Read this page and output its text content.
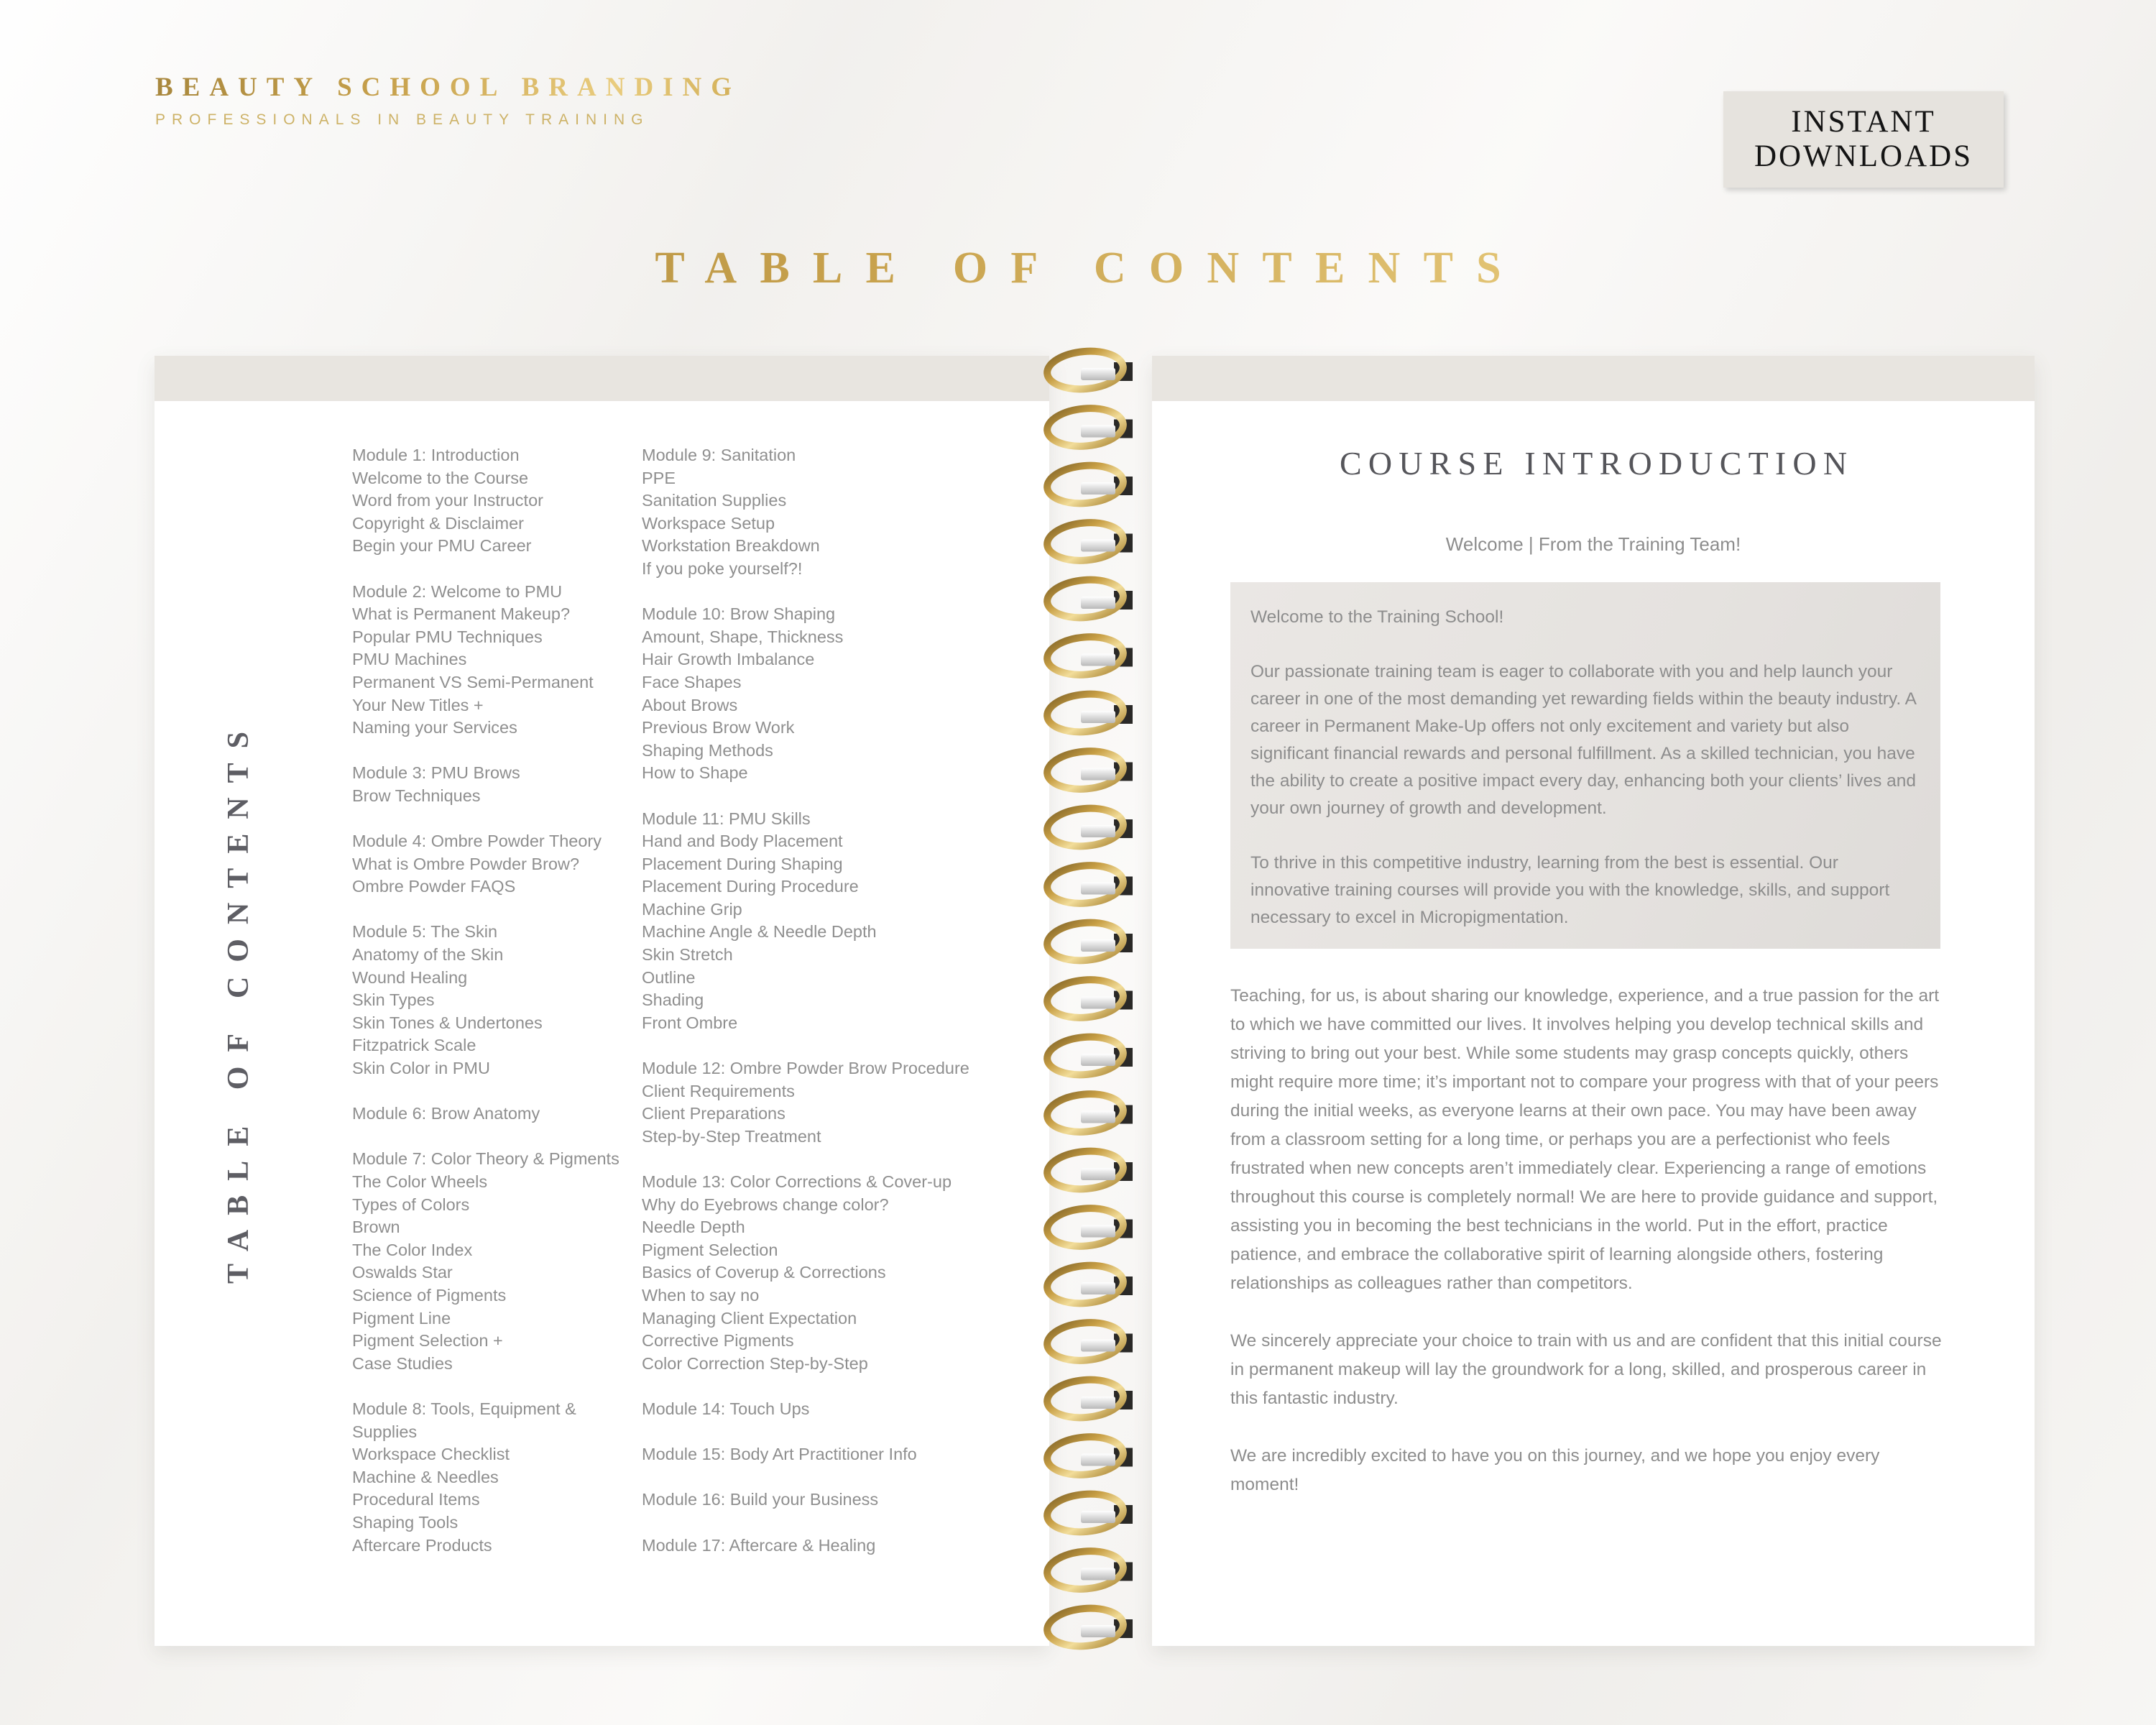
BEAUTY SCHOOL BRANDING
PROFESSIONALS IN BEAUTY TRAINING	INSTANT
DOWNLOADS
TABLE OF CONTENTS
TABLE OF CONTENTS
Module 1: Introduction
Welcome to the Course
Word from your Instructor
Copyright & Disclaimer
Begin your PMU Career
Module 2: Welcome to PMU
What is Permanent Makeup?
Popular PMU Techniques
PMU Machines
Permanent VS Semi-Permanent
Your New Titles +
Naming your Services
Module 3: PMU Brows
Brow Techniques
Module 4: Ombre Powder Theory
What is Ombre Powder Brow?
Ombre Powder FAQS
Module 5: The Skin
Anatomy of the Skin
Wound Healing
Skin Types
Skin Tones & Undertones
Fitzpatrick Scale
Skin Color in PMU
Module 6: Brow Anatomy
Module 7: Color Theory & Pigments
The Color Wheels
Types of Colors
Brown
The Color Index
Oswalds Star
Science of Pigments
Pigment Line
Pigment Selection +
Case Studies
Module 8: Tools, Equipment &
Supplies
Workspace Checklist
Machine & Needles
Procedural Items
Shaping Tools
Aftercare Products
Module 9: Sanitation
PPE
Sanitation Supplies
Workspace Setup
Workstation Breakdown
If you poke yourself?!
Module 10: Brow Shaping
Amount, Shape, Thickness
Hair Growth Imbalance
Face Shapes
About Brows
Previous Brow Work
Shaping Methods
How to Shape
Module 11: PMU Skills
Hand and Body Placement
Placement During Shaping
Placement During Procedure
Machine Grip
Machine Angle & Needle Depth
Skin Stretch
Outline
Shading
Front Ombre
Module 12: Ombre Powder Brow Procedure
Client Requirements
Client Preparations
Step-by-Step Treatment
Module 13: Color Corrections & Cover-up
Why do Eyebrows change color?
Needle Depth
Pigment Selection
Basics of Coverup & Corrections
When to say no
Managing Client Expectation
Corrective Pigments
Color Correction Step-by-Step
Module 14: Touch Ups
Module 15: Body Art Practitioner Info
Module 16: Build your Business
Module 17: Aftercare & Healing
COURSE INTRODUCTION
Welcome | From the Training Team!

Welcome to the Training School!

Our passionate training team is eager to collaborate with you and help launch your career in one of the most demanding yet rewarding fields within the beauty industry. A career in Permanent Make-Up offers not only excitement and variety but also significant financial rewards and personal fulfillment. As a skilled technician, you have the ability to create a positive impact every day, enhancing both your clients’ lives and your own journey of growth and development.

To thrive in this competitive industry, learning from the best is essential. Our innovative training courses will provide you with the knowledge, skills, and support necessary to excel in Micropigmentation.

Teaching, for us, is about sharing our knowledge, experience, and a true passion for the art to which we have committed our lives. It involves helping you develop technical skills and striving to bring out your best. While some students may grasp concepts quickly, others might require more time; it’s important not to compare your progress with that of your peers during the initial weeks, as everyone learns at their own pace. You may have been away from a classroom setting for a long time, or perhaps you are a perfectionist who feels frustrated when new concepts aren’t immediately clear. Experiencing a range of emotions throughout this course is completely normal! We are here to provide guidance and support, assisting you in becoming the best technicians in the world. Put in the effort, practice patience, and embrace the collaborative spirit of learning alongside others, fostering relationships as colleagues rather than competitors.

We sincerely appreciate your choice to train with us and are confident that this initial course in permanent makeup will lay the groundwork for a long, skilled, and prosperous career in this fantastic industry.

We are incredibly excited to have you on this journey, and we hope you enjoy every moment!
